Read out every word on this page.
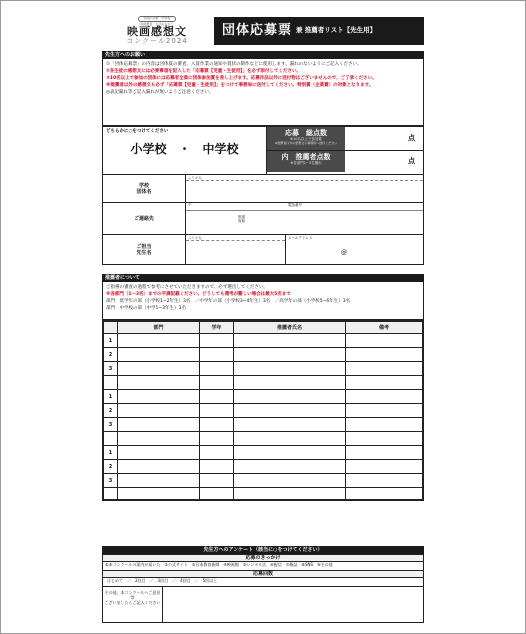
全国小学校・中学校
映画鑑賞・生活のなかで
映画感想文
コンクール2024
団体応募票 兼 推薦者リスト【先生用】
先生方へのお願い
①「団体応募票」の内容は団体賞の審査、入賞作業の通知や賞状の制作などに使用します。漏れのないようにご記入ください。
②各生徒の感想文には必要事項を記入した「応募票【児童・生徒用】」を必ず添付してください。
③10名以上で参加の団体には応募者全員に団体参加賞を差し上げます。応募作品以外に送付物はございませんので、ご了承ください。
※推薦者以外の感想文も必ず「応募票【児童・生徒用】」をつけて事務局に送付してください。特別賞（企業賞）の対象となります。
◎表記漏れ等ご記入漏れが無いようご注意ください。
どちらかに○をつけてください
小学校　・　中学校
応募　総点数
※10名以上で参加賞
※推薦者以外の感想文も事務局へ送付ください
点
内　推薦者点数
※各部門1~3名選出	点
学校
団体名
ふりがな
ご連絡先
〒	電話番号
都道
府県
ご担当
先生名
ふりがな	メールアドレス
@
推薦者について
ご指導の審査の過程で参考にさせていただきますので、必ず選出してください。
※各部門（1～3名）までの平満記載ください。どうしても選考が難しい場合は最大5名まで
部門：低学年の部（小学校1~2年生）3名　／中学年の部（小学校3~4年生）3名　／高学年の部（小学校5~6年生）3名
部門：中学校の部（中学1~3年生）3名
	部門	学年	推薦者氏名	備考
1				
2				
3				

1				
2				
3				

1				
2				
3				

先生方へのアンケート（該当に○をつけてください）
応募のきっかけ
①本コンクールの案内が届いた　②公式サイト　③日本教育新聞　④映画館　⑤レンタル店　⑥配信　⑦雑誌　⑧SNS　⑨その他
応募回数
はじめて　／　2回目　／　3回目　／　4回目　／　5回以上
その他、本コンクールへご意見等
ございましたらご記入ください
